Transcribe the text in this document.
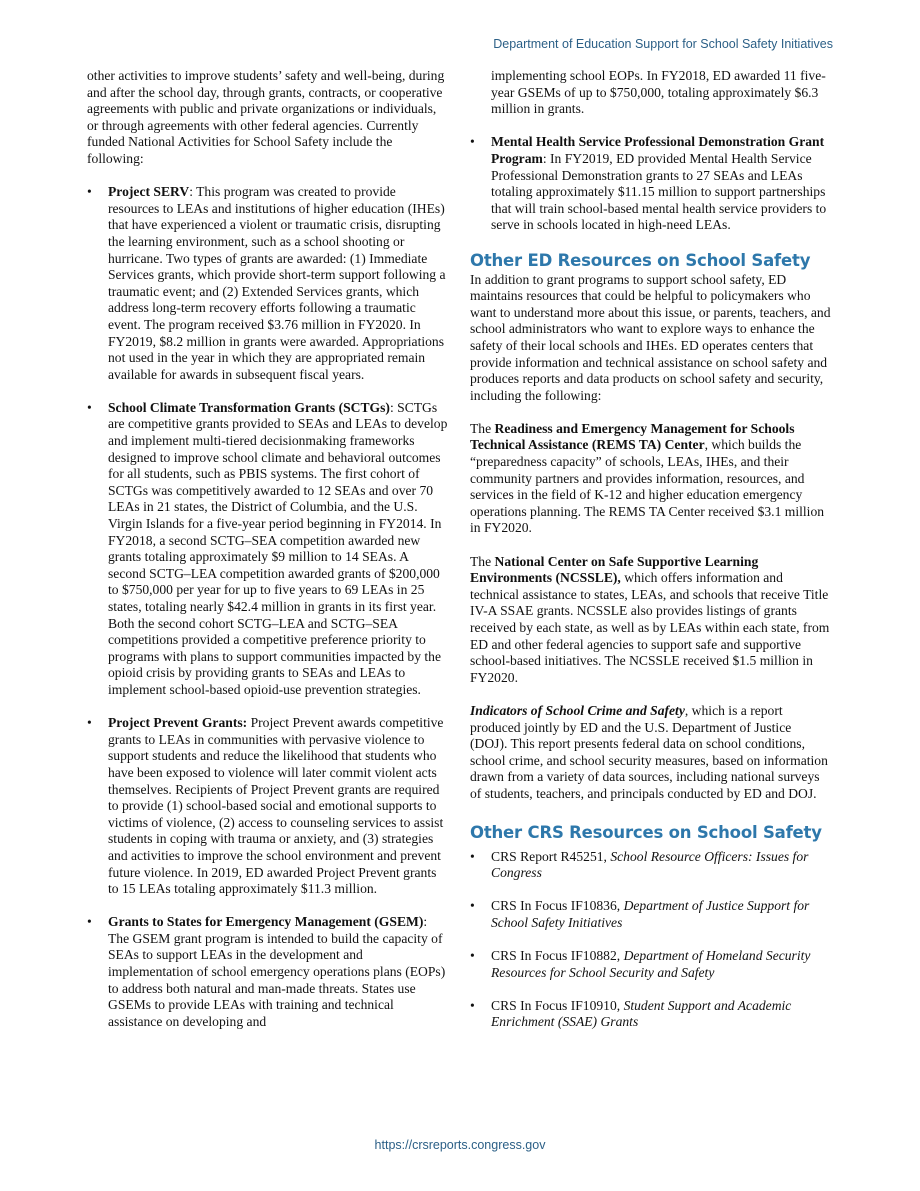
Department of Education Support for School Safety Initiatives

other activities to improve students’ safety and well-being, during and after the school day, through grants, contracts, or cooperative agreements with public and private organizations or individuals, or through agreements with other federal agencies. Currently funded National Activities for School Safety include the following:

• Project SERV: This program was created to provide resources to LEAs and institutions of higher education (IHEs) that have experienced a violent or traumatic crisis, disrupting the learning environment, such as a school shooting or hurricane. Two types of grants are awarded: (1) Immediate Services grants, which provide short-term support following a traumatic event; and (2) Extended Services grants, which address long-term recovery efforts following a traumatic event. The program received $3.76 million in FY2020. In FY2019, $8.2 million in grants were awarded. Appropriations not used in the year in which they are appropriated remain available for awards in subsequent fiscal years.
• School Climate Transformation Grants (SCTGs): SCTGs are competitive grants provided to SEAs and LEAs to develop and implement multi-tiered decisionmaking frameworks designed to improve school climate and behavioral outcomes for all students, such as PBIS systems. The first cohort of SCTGs was competitively awarded to 12 SEAs and over 70 LEAs in 21 states, the District of Columbia, and the U.S. Virgin Islands for a five-year period beginning in FY2014. In FY2018, a second SCTG–SEA competition awarded new grants totaling approximately $9 million to 14 SEAs. A second SCTG–LEA competition awarded grants of $200,000 to $750,000 per year for up to five years to 69 LEAs in 25 states, totaling nearly $42.4 million in grants in its first year. Both the second cohort SCTG–LEA and SCTG–SEA competitions provided a competitive preference priority to programs with plans to support communities impacted by the opioid crisis by providing grants to SEAs and LEAs to implement school-based opioid-use prevention strategies.
• Project Prevent Grants: Project Prevent awards competitive grants to LEAs in communities with pervasive violence to support students and reduce the likelihood that students who have been exposed to violence will later commit violent acts themselves. Recipients of Project Prevent grants are required to provide (1) school-based social and emotional supports to victims of violence, (2) access to counseling services to assist students in coping with trauma or anxiety, and (3) strategies and activities to improve the school environment and prevent future violence. In 2019, ED awarded Project Prevent grants to 15 LEAs totaling approximately $11.3 million.
• Grants to States for Emergency Management (GSEM): The GSEM grant program is intended to build the capacity of SEAs to support LEAs in the development and implementation of school emergency operations plans (EOPs) to address both natural and man-made threats. States use GSEMs to provide LEAs with training and technical assistance on developing and
implementing school EOPs. In FY2018, ED awarded 11 five-year GSEMs of up to $750,000, totaling approximately $6.3 million in grants.
• Mental Health Service Professional Demonstration Grant Program: In FY2019, ED provided Mental Health Service Professional Demonstration grants to 27 SEAs and LEAs totaling approximately $11.15 million to support partnerships that will train school-based mental health service providers to serve in schools located in high-need LEAs.
Other ED Resources on School Safety

In addition to grant programs to support school safety, ED maintains resources that could be helpful to policymakers who want to understand more about this issue, or parents, teachers, and school administrators who want to explore ways to enhance the safety of their local schools and IHEs. ED operates centers that provide information and technical assistance on school safety and produces reports and data products on school safety and security, including the following:

The Readiness and Emergency Management for Schools Technical Assistance (REMS TA) Center, which builds the “preparedness capacity” of schools, LEAs, IHEs, and their community partners and provides information, resources, and services in the field of K-12 and higher education emergency operations planning. The REMS TA Center received $3.1 million in FY2020.

The National Center on Safe Supportive Learning Environments (NCSSLE), which offers information and technical assistance to states, LEAs, and schools that receive Title IV-A SSAE grants. NCSSLE also provides listings of grants received by each state, as well as by LEAs within each state, from ED and other federal agencies to support safe and supportive school-based initiatives. The NCSSLE received $1.5 million in FY2020.

Indicators of School Crime and Safety, which is a report produced jointly by ED and the U.S. Department of Justice (DOJ). This report presents federal data on school conditions, school crime, and school security measures, based on information drawn from a variety of data sources, including national surveys of students, teachers, and principals conducted by ED and DOJ.

Other CRS Resources on School Safety
• CRS Report R45251, School Resource Officers: Issues for Congress
• CRS In Focus IF10836, Department of Justice Support for School Safety Initiatives
• CRS In Focus IF10882, Department of Homeland Security Resources for School Security and Safety
• CRS In Focus IF10910, Student Support and Academic Enrichment (SSAE) Grants
https://crsreports.congress.gov
